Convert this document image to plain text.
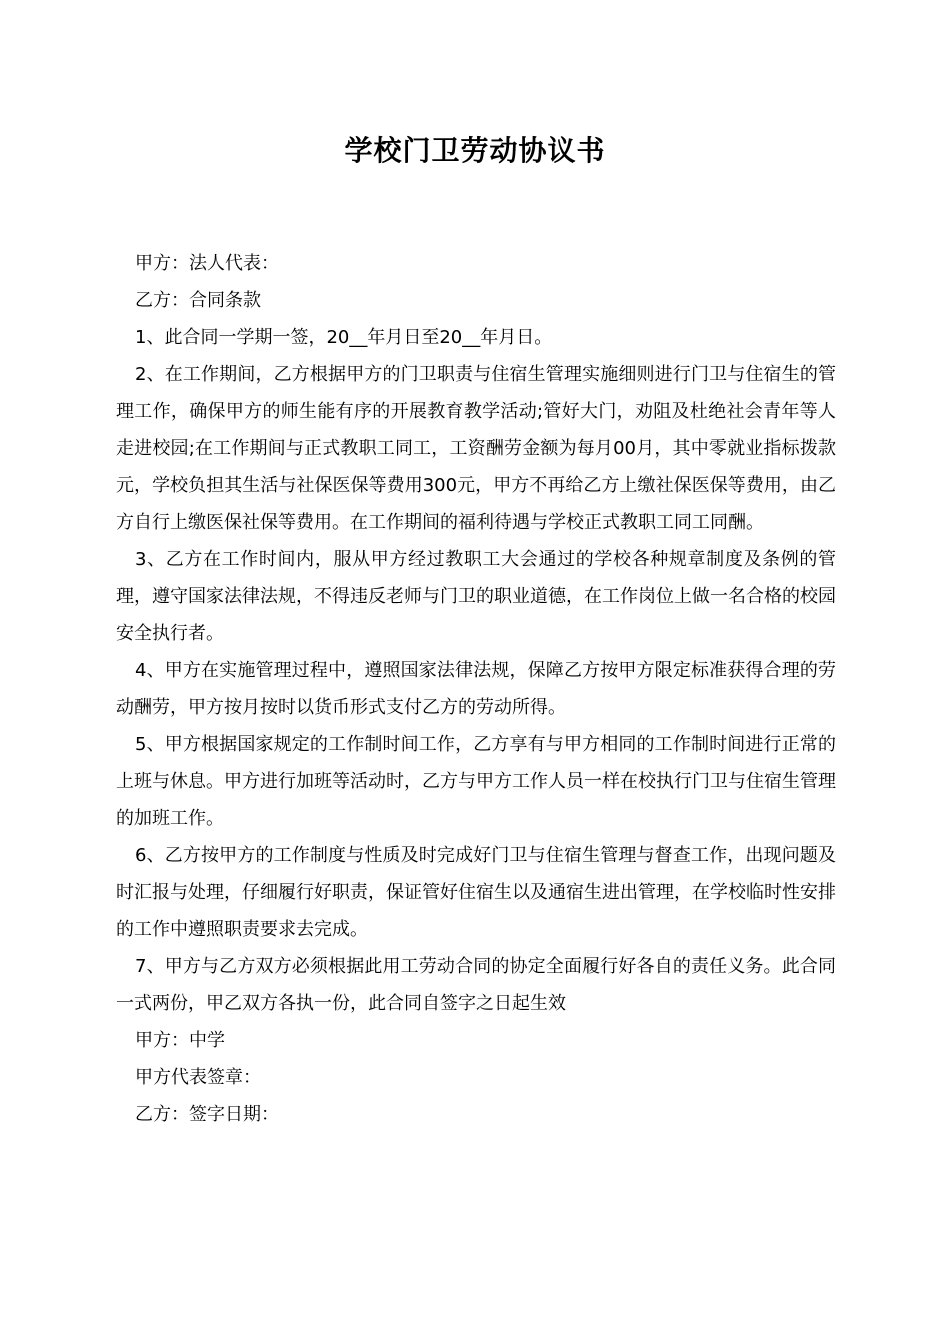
学校门卫劳动协议书

甲方：法人代表：

乙方：合同条款

1、此合同一学期一签，20__年月日至20__年月日。

2、在工作期间，乙方根据甲方的门卫职责与住宿生管理实施细则进行门卫与住宿生的管理工作，确保甲方的师生能有序的开展教育教学活动;管好大门，劝阻及杜绝社会青年等人走进校园;在工作期间与正式教职工同工，工资酬劳金额为每月00月，其中零就业指标拨款元，学校负担其生活与社保医保等费用300元，甲方不再给乙方上缴社保医保等费用，由乙方自行上缴医保社保等费用。在工作期间的福利待遇与学校正式教职工同工同酬。

3、乙方在工作时间内，服从甲方经过教职工大会通过的学校各种规章制度及条例的管理，遵守国家法律法规，不得违反老师与门卫的职业道德，在工作岗位上做一名合格的校园安全执行者。

4、甲方在实施管理过程中，遵照国家法律法规，保障乙方按甲方限定标准获得合理的劳动酬劳，甲方按月按时以货币形式支付乙方的劳动所得。

5、甲方根据国家规定的工作制时间工作，乙方享有与甲方相同的工作制时间进行正常的上班与休息。甲方进行加班等活动时，乙方与甲方工作人员一样在校执行门卫与住宿生管理的加班工作。

6、乙方按甲方的工作制度与性质及时完成好门卫与住宿生管理与督查工作，出现问题及时汇报与处理，仔细履行好职责，保证管好住宿生以及通宿生进出管理，在学校临时性安排的工作中遵照职责要求去完成。

7、甲方与乙方双方必须根据此用工劳动合同的协定全面履行好各自的责任义务。此合同一式两份，甲乙双方各执一份，此合同自签字之日起生效

甲方：中学

甲方代表签章：

乙方：签字日期：
